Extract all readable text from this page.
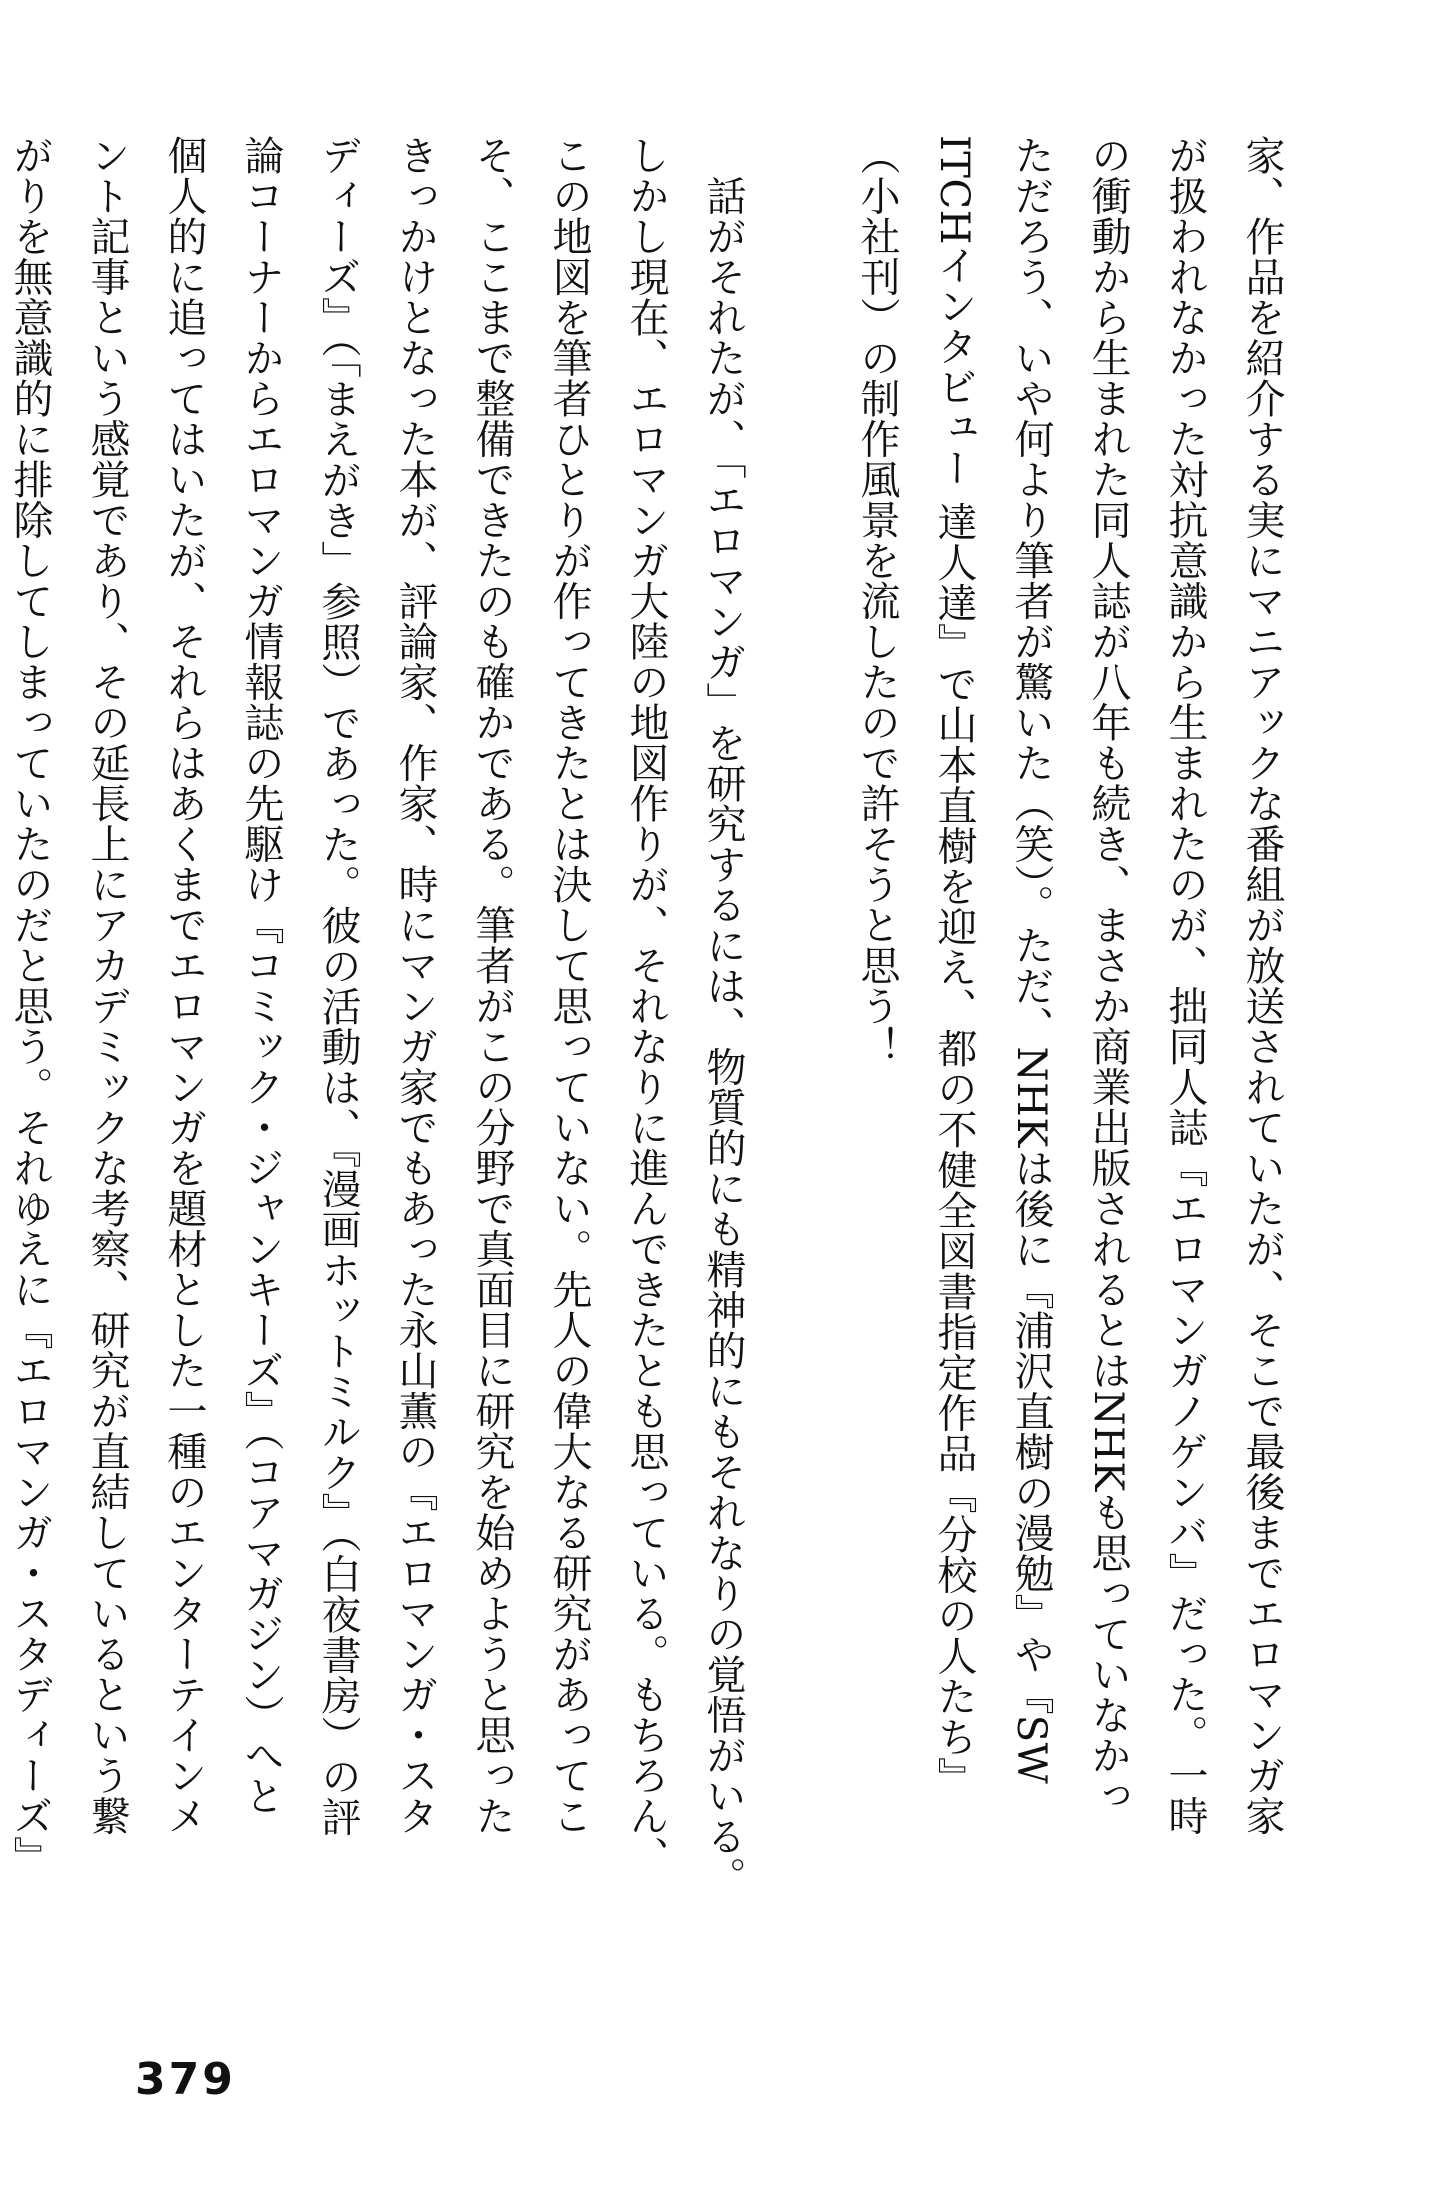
家、作品を紹介する実にマニアックな番組が放送されていたが、そこで最後までエロマンガ家

が扱われなかった対抗意識から生まれたのが、拙同人誌『エロマンガノゲンバ』だった。一時

の衝動から生まれた同人誌が八年も続き、まさか商業出版されるとはNHKも思っていなかっ

ただろう、いや何より筆者が驚いた（笑）。ただ、NHKは後に『浦沢直樹の漫勉』や『SW

ITCHインタビュー 達人達』で山本直樹を迎え、都の不健全図書指定作品『分校の人たち』

（小社刊）の制作風景を流したので許そうと思う！

　話がそれたが、「エロマンガ」を研究するには、物質的にも精神的にもそれなりの覚悟がいる。

しかし現在、エロマンガ大陸の地図作りが、それなりに進んできたとも思っている。もちろん、

この地図を筆者ひとりが作ってきたとは決して思っていない。先人の偉大なる研究があってこ

そ、ここまで整備できたのも確かである。筆者がこの分野で真面目に研究を始めようと思った

きっかけとなった本が、評論家、作家、時にマンガ家でもあった永山薫の『エロマンガ・スタ

ディーズ』（「まえがき」参照）であった。彼の活動は、『漫画ホットミルク』（白夜書房）の評

論コーナーからエロマンガ情報誌の先駆け『コミック・ジャンキーズ』（コアマガジン）へと

個人的に追ってはいたが、それらはあくまでエロマンガを題材とした一種のエンターテインメ

ント記事という感覚であり、その延長上にアカデミックな考察、研究が直結しているという繋

がりを無意識的に排除してしまっていたのだと思う。それゆえに『エロマンガ・スタディーズ』

379
